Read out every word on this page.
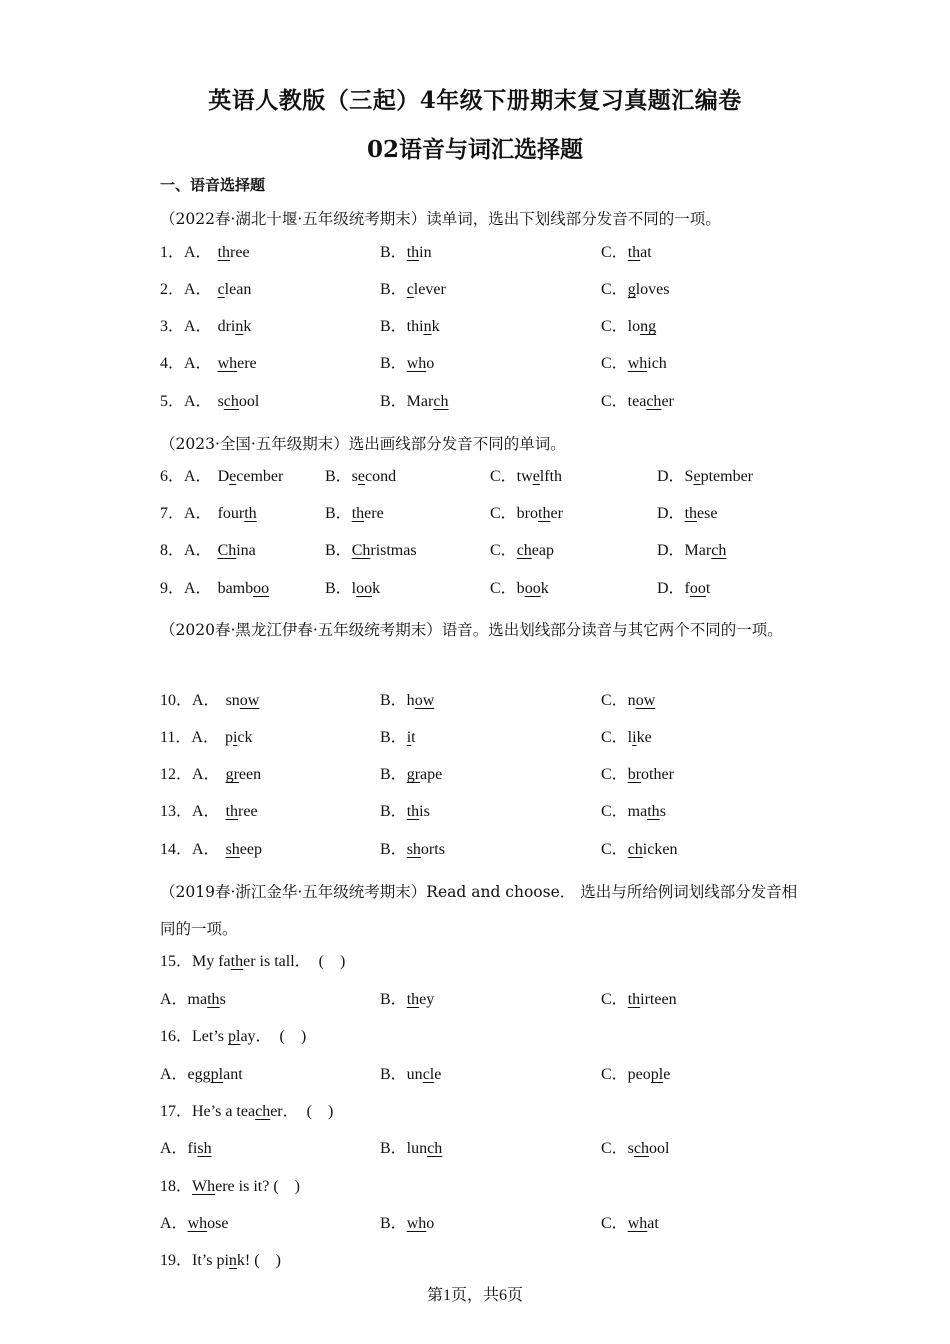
英语人教版（三起）4年级下册期末复习真题汇编卷
02语音与词汇选择题
一、语音选择题
（2022春·湖北十堰·五年级统考期末）读单词，选出下划线部分发音不同的一项。
1．A． three	B．thin	C．that
2．A． clean	B．clever	C．gloves
3．A． drink	B．think	C．long
4．A． where	B．who	C．which
5．A． school	B．March	C．teacher
（2023·全国·五年级期末）选出画线部分发音不同的单词。
6．A． December	B．second	C．twelfth	D．September
7．A． fourth	B．there	C．brother	D．these
8．A． China	B．Christmas	C．cheap	D．March
9．A． bamboo	B．look	C．book	D．foot
（2020春·黑龙江伊春·五年级统考期末）语音。选出划线部分读音与其它两个不同的一项。
10．A． snow	B．how	C．now
11．A． pick	B．it	C．like
12．A． green	B．grape	C．brother
13．A． three	B．this	C．maths
14．A． sheep	B．shorts	C．chicken
（2019春·浙江金华·五年级统考期末）Read and choose． 选出与所给例词划线部分发音相同的一项。
15．My father is tall．　(　)
A．maths	B．they	C．thirteen
16．Let’s play．　(　)
A．eggplant	B．uncle	C．people
17．He’s a teacher．　(　)
A．fish	B．lunch	C．school
18．Where is it? (　)
A．whose	B．who	C．what
19．It’s pink! (　)
第1页，共6页
